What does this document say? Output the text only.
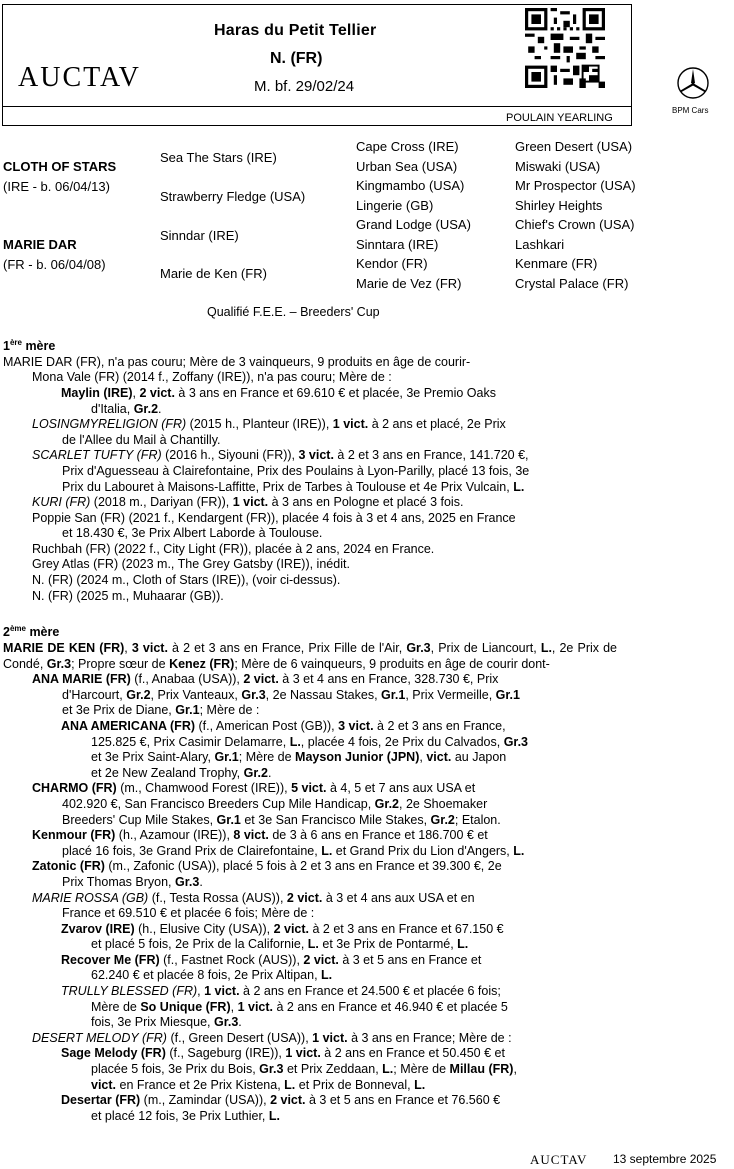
Haras du Petit Tellier
N. (FR)
M. bf. 29/02/24
AUCTAV
POULAIN YEARLING
BPM Cars
CLOTH OF STARS
(IRE - b. 06/04/13)
MARIE DAR
(FR - b. 06/04/08)
Sea The Stars (IRE)
Strawberry Fledge (USA)
Sinndar (IRE)
Marie de Ken (FR)
Cape Cross (IRE)
Urban Sea (USA)
Kingmambo (USA)
Lingerie (GB)
Grand Lodge (USA)
Sinntara (IRE)
Kendor (FR)
Marie de Vez (FR)
Green Desert (USA)
Miswaki (USA)
Mr Prospector (USA)
Shirley Heights
Chief's Crown (USA)
Lashkari
Kenmare (FR)
Crystal Palace (FR)
Qualifié F.E.E. – Breeders' Cup

1ère mère

MARIE DAR (FR), n'a pas couru; Mère de 3 vainqueurs, 9 produits en âge de courir-

Mona Vale (FR) (2014 f., Zoffany (IRE)), n'a pas couru; Mère de :

Maylin (IRE), 2 vict. à 3 ans en France et 69.610 € et placée, 3e Premio Oaks
d'Italia, Gr.2.

LOSINGMYRELIGION (FR) (2015 h., Planteur (IRE)), 1 vict. à 2 ans et placé, 2e Prix
de l'Allee du Mail à Chantilly.

SCARLET TUFTY (FR) (2016 h., Siyouni (FR)), 3 vict. à 2 et 3 ans en France, 141.720 €,
Prix d'Aguesseau à Clairefontaine, Prix des Poulains à Lyon-Parilly, placé 13 fois, 3e
Prix du Labouret à Maisons-Laffitte, Prix de Tarbes à Toulouse et 4e Prix Vulcain, L.

KURI (FR) (2018 m., Dariyan (FR)), 1 vict. à 3 ans en Pologne et placé 3 fois.

Poppie San (FR) (2021 f., Kendargent (FR)), placée 4 fois à 3 et 4 ans, 2025 en France
et 18.430 €, 3e Prix Albert Laborde à Toulouse.

Ruchbah (FR) (2022 f., City Light (FR)), placée à 2 ans, 2024 en France.

Grey Atlas (FR) (2023 m., The Grey Gatsby (IRE)), inédit.

N. (FR) (2024 m., Cloth of Stars (IRE)), (voir ci-dessus).

N. (FR) (2025 m., Muhaarar (GB)).

2ème mère

MARIE DE KEN (FR), 3 vict. à 2 et 3 ans en France, Prix Fille de l'Air, Gr.3, Prix de Liancourt, L., 2e Prix de Condé, Gr.3; Propre sœur de Kenez (FR); Mère de 6 vainqueurs, 9 produits en âge de courir dont-

ANA MARIE (FR) (f., Anabaa (USA)), 2 vict. à 3 et 4 ans en France, 328.730 €, Prix
d'Harcourt, Gr.2, Prix Vanteaux, Gr.3, 2e Nassau Stakes, Gr.1, Prix Vermeille, Gr.1
et 3e Prix de Diane, Gr.1; Mère de :

ANA AMERICANA (FR) (f., American Post (GB)), 3 vict. à 2 et 3 ans en France,
125.825 €, Prix Casimir Delamarre, L., placée 4 fois, 2e Prix du Calvados, Gr.3
et 3e Prix Saint-Alary, Gr.1; Mère de Mayson Junior (JPN), vict. au Japon
et 2e New Zealand Trophy, Gr.2.

CHARMO (FR) (m., Chamwood Forest (IRE)), 5 vict. à 4, 5 et 7 ans aux USA et
402.920 €, San Francisco Breeders Cup Mile Handicap, Gr.2, 2e Shoemaker
Breeders' Cup Mile Stakes, Gr.1 et 3e San Francisco Mile Stakes, Gr.2; Etalon.

Kenmour (FR) (h., Azamour (IRE)), 8 vict. de 3 à 6 ans en France et 186.700 € et
placé 16 fois, 3e Grand Prix de Clairefontaine, L. et Grand Prix du Lion d'Angers, L.

Zatonic (FR) (m., Zafonic (USA)), placé 5 fois à 2 et 3 ans en France et 39.300 €, 2e
Prix Thomas Bryon, Gr.3.

MARIE ROSSA (GB) (f., Testa Rossa (AUS)), 2 vict. à 3 et 4 ans aux USA et en
France et 69.510 € et placée 6 fois; Mère de :

Zvarov (IRE) (h., Elusive City (USA)), 2 vict. à 2 et 3 ans en France et 67.150 €
et placé 5 fois, 2e Prix de la Californie, L. et 3e Prix de Pontarmé, L.

Recover Me (FR) (f., Fastnet Rock (AUS)), 2 vict. à 3 et 5 ans en France et
62.240 € et placée 8 fois, 2e Prix Altipan, L.

TRULLY BLESSED (FR), 1 vict. à 2 ans en France et 24.500 € et placée 6 fois;
Mère de So Unique (FR), 1 vict. à 2 ans en France et 46.940 € et placée 5
fois, 3e Prix Miesque, Gr.3.

DESERT MELODY (FR) (f., Green Desert (USA)), 1 vict. à 3 ans en France; Mère de :

Sage Melody (FR) (f., Sageburg (IRE)), 1 vict. à 2 ans en France et 50.450 € et
placée 5 fois, 3e Prix du Bois, Gr.3 et Prix Zeddaan, L.; Mère de Millau (FR),
vict. en France et 2e Prix Kistena, L. et Prix de Bonneval, L.

Desertar (FR) (m., Zamindar (USA)), 2 vict. à 3 et 5 ans en France et 76.560 €
et placé 12 fois, 3e Prix Luthier, L.

AUCTAV 13 septembre 2025
